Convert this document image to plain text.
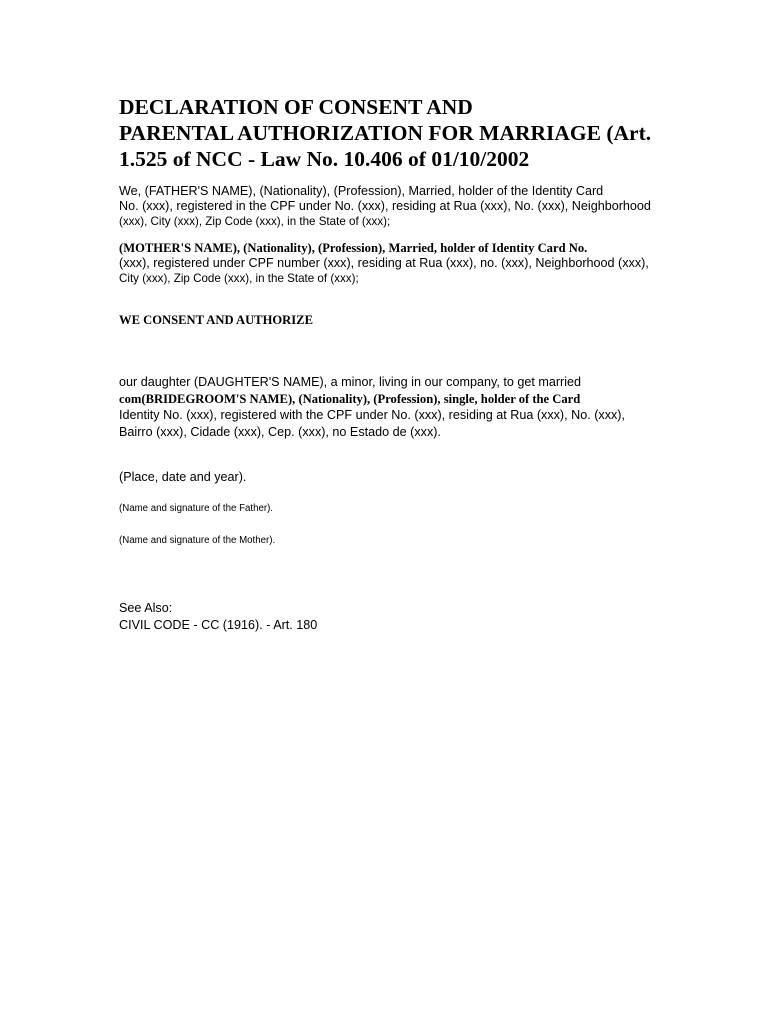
DECLARATION OF CONSENT AND
PARENTAL AUTHORIZATION FOR MARRIAGE (Art.
1.525 of NCC - Law No. 10.406 of 01/10/2002

We, (FATHER'S NAME), (Nationality), (Profession), Married, holder of the Identity Card
No. (xxx), registered in the CPF under No. (xxx), residing at Rua (xxx), No. (xxx), Neighborhood
(xxx), City (xxx), Zip Code (xxx), in the State of (xxx);

(MOTHER'S NAME), (Nationality), (Profession), Married, holder of Identity Card No.
(xxx), registered under CPF number (xxx), residing at Rua (xxx), no. (xxx), Neighborhood (xxx),
City (xxx), Zip Code (xxx), in the State of (xxx);

WE CONSENT AND AUTHORIZE

our daughter (DAUGHTER'S NAME), a minor, living in our company, to get married
com(BRIDEGROOM'S NAME), (Nationality), (Profession), single, holder of the Card
Identity No. (xxx), registered with the CPF under No. (xxx), residing at Rua (xxx), No. (xxx),
Bairro (xxx), Cidade (xxx), Cep. (xxx), no Estado de (xxx).

(Place, date and year).

(Name and signature of the Father).

(Name and signature of the Mother).

See Also:
CIVIL CODE - CC (1916). - Art. 180
